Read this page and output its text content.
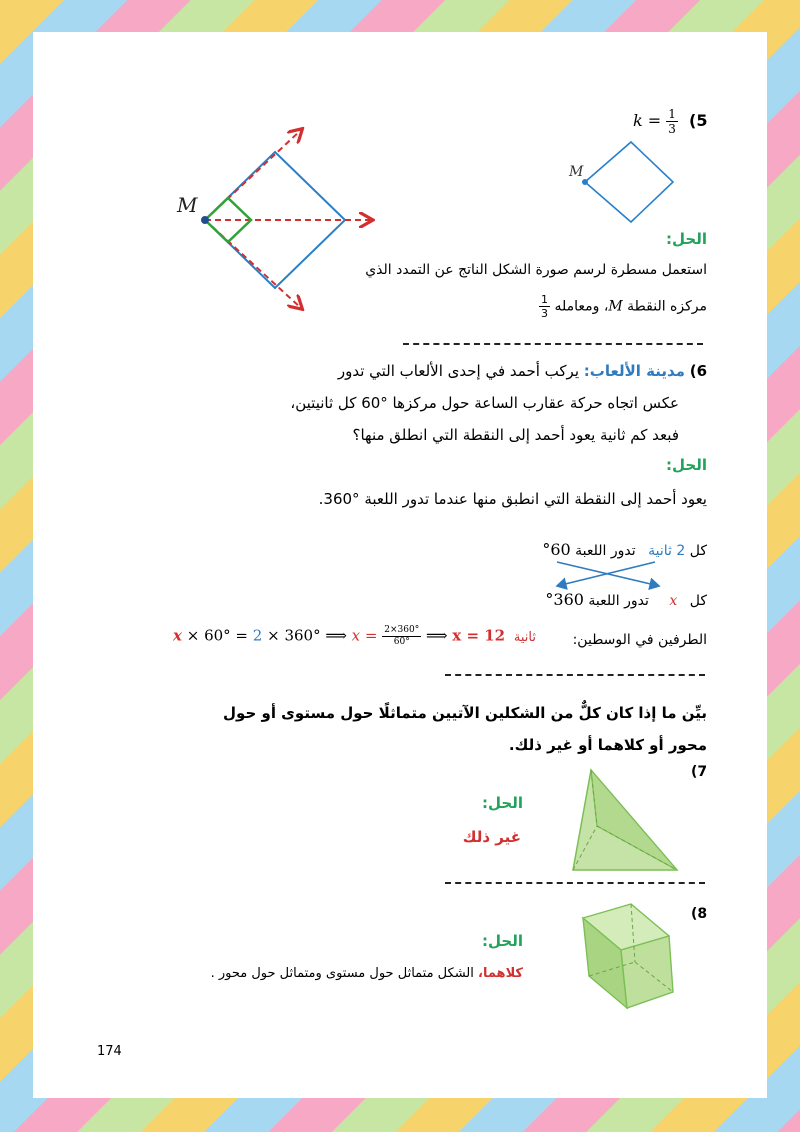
M
$k = \frac{1}{3} (5$
M
الحل:
استعمل مسطرة لرسم صورة الشكل الناتج عن التمدد الذي
مركزه النقطة M، ومعامله
$\frac{1}{3}$
6) مدينة الألعاب: يركب أحمد في إحدى الألعاب التي تدور
عكس اتجاه حركة عقارب الساعة حول مركزها °60 كل ثانيتين،
فبعد كم ثانية يعود أحمد إلى النقطة التي انطلق منها؟
الحل:
يعود أحمد إلى النقطة التي انطبق منها عندما تدور اللعبة °360.
كل 2 ثانية تدور اللعبة 60°
كل x تدور اللعبة 360°
الطرفين في الوسطين:
x × 60° = 2 × 360° ⟹ $x = \frac{2\times 360^\circ}{60^\circ}$ ⟹ x = 12 ثانية
بيِّن ما إذا كان كلٌّ من الشكلين الآتيين متماثلًا حول مستوى أو حول
محور أو كلاهما أو غير ذلك.
(7
الحل:
غير ذلك
(8
الحل:
كلاهما، الشكل متماثل حول مستوى ومتماثل حول محور .
174
